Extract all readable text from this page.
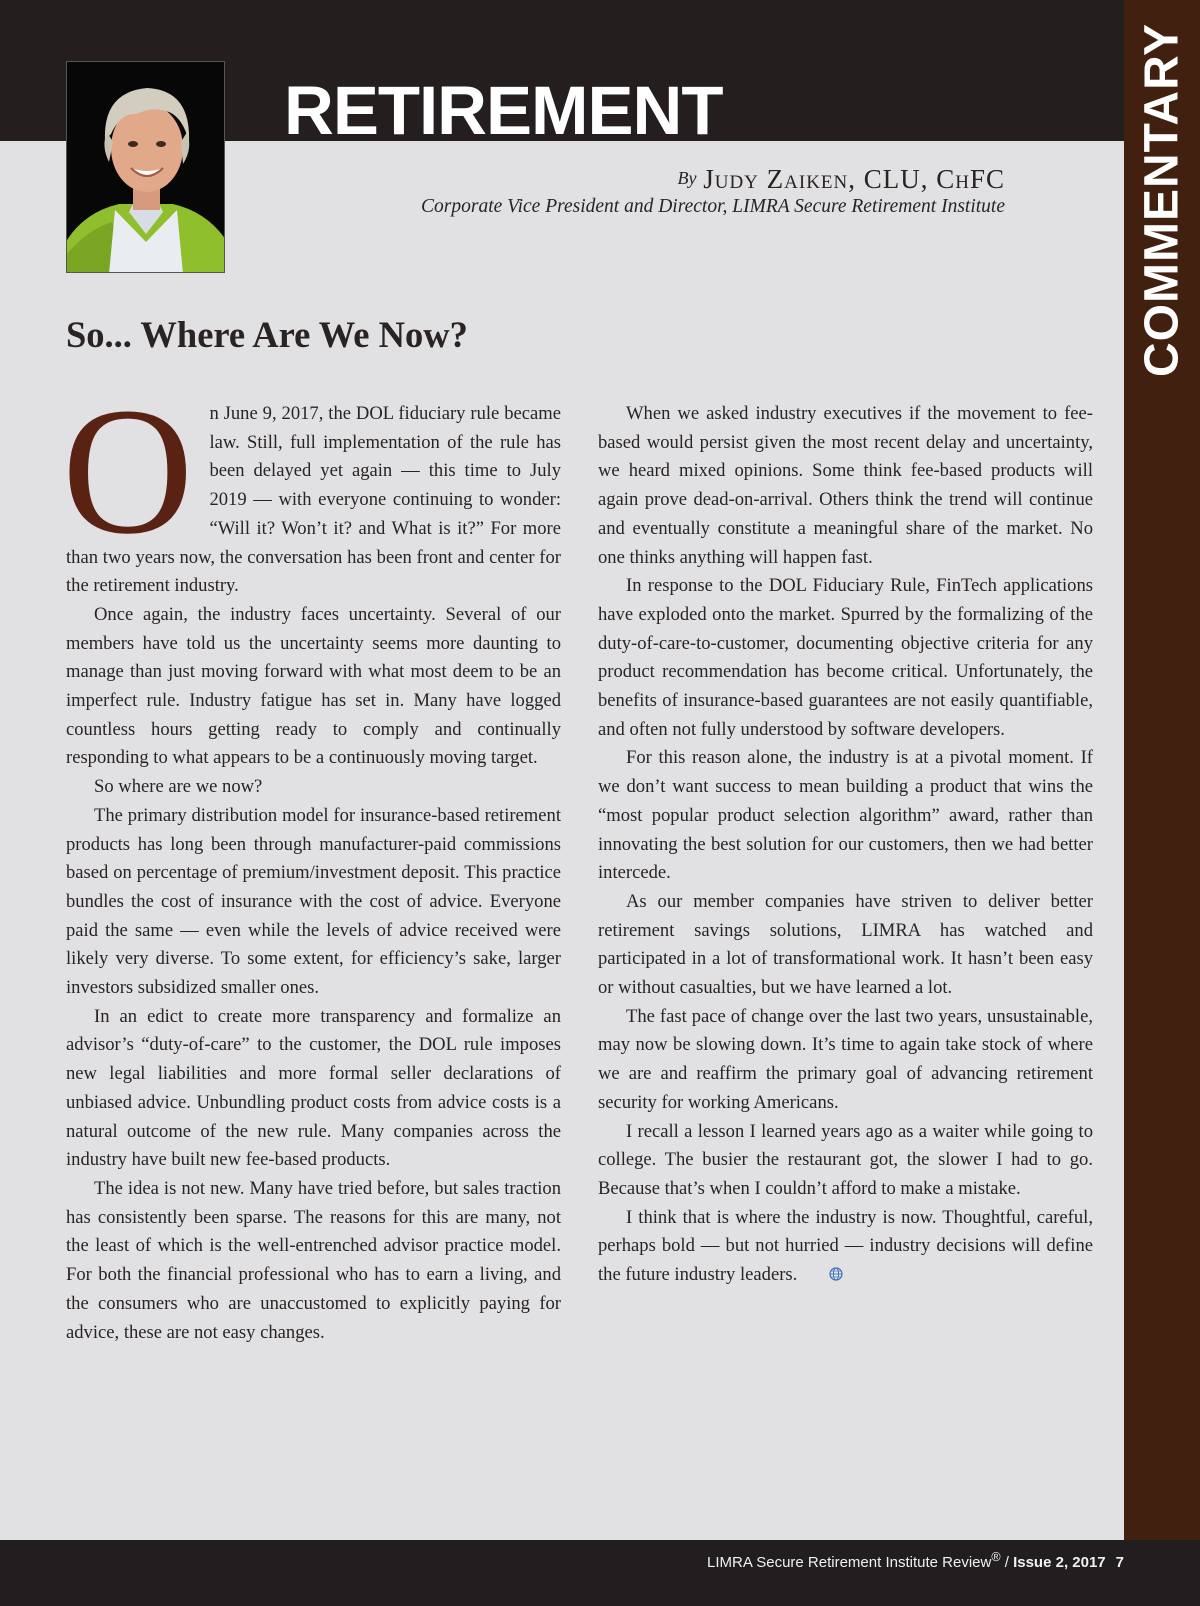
COMMENTARY
RETIREMENT
By Judy Zaiken, CLU, ChFC
Corporate Vice President and Director, LIMRA Secure Retirement Institute
So... Where Are We Now?
O n June 9, 2017, the DOL fiduciary rule became law. Still, full implementation of the rule has been delayed yet again — this time to July 2019 — with everyone continuing to wonder: “Will it? Won’t it? and What is it?” For more than two years now, the conversation has been front and center for the retirement industry.

Once again, the industry faces uncertainty. Several of our members have told us the uncertainty seems more daunting to manage than just moving forward with what most deem to be an imperfect rule. Industry fatigue has set in. Many have logged countless hours getting ready to comply and continually responding to what appears to be a continuously moving target.

So where are we now?

The primary distribution model for insurance-based retirement products has long been through manufacturer-paid commissions based on percentage of premium/investment deposit. This practice bundles the cost of insurance with the cost of advice. Everyone paid the same — even while the levels of advice received were likely very diverse. To some extent, for efficiency’s sake, larger investors subsidized smaller ones.

In an edict to create more transparency and formalize an advisor’s “duty-of-care” to the customer, the DOL rule imposes new legal liabilities and more formal seller declarations of unbiased advice. Unbundling product costs from advice costs is a natural outcome of the new rule. Many companies across the industry have built new fee-based products.

The idea is not new. Many have tried before, but sales traction has consistently been sparse. The reasons for this are many, not the least of which is the well-entrenched advisor practice model. For both the financial professional who has to earn a living, and the consumers who are unaccustomed to explicitly paying for advice, these are not easy changes.

When we asked industry executives if the movement to fee-based would persist given the most recent delay and uncertainty, we heard mixed opinions. Some think fee-based products will again prove dead-on-arrival. Others think the trend will continue and eventually constitute a meaningful share of the market. No one thinks anything will happen fast.

In response to the DOL Fiduciary Rule, FinTech applications have exploded onto the market. Spurred by the formalizing of the duty-of-care-to-customer, documenting objective criteria for any product recommendation has become critical. Unfortunately, the benefits of insurance-based guarantees are not easily quantifiable, and often not fully understood by software developers.

For this reason alone, the industry is at a pivotal moment. If we don’t want success to mean building a product that wins the “most popular product selection algorithm” award, rather than innovating the best solution for our customers, then we had better intercede.

As our member companies have striven to deliver better retirement savings solutions, LIMRA has watched and participated in a lot of transformational work. It hasn’t been easy or without casualties, but we have learned a lot.

The fast pace of change over the last two years, unsustainable, may now be slowing down. It’s time to again take stock of where we are and reaffirm the primary goal of advancing retirement security for working Americans.

I recall a lesson I learned years ago as a waiter while going to college. The busier the restaurant got, the slower I had to go. Because that’s when I couldn’t afford to make a mistake.

I think that is where the industry is now. Thoughtful, careful, perhaps bold — but not hurried — industry decisions will define the future industry leaders.

LIMRA Secure Retirement Institute Review® / Issue 2, 2017 7
